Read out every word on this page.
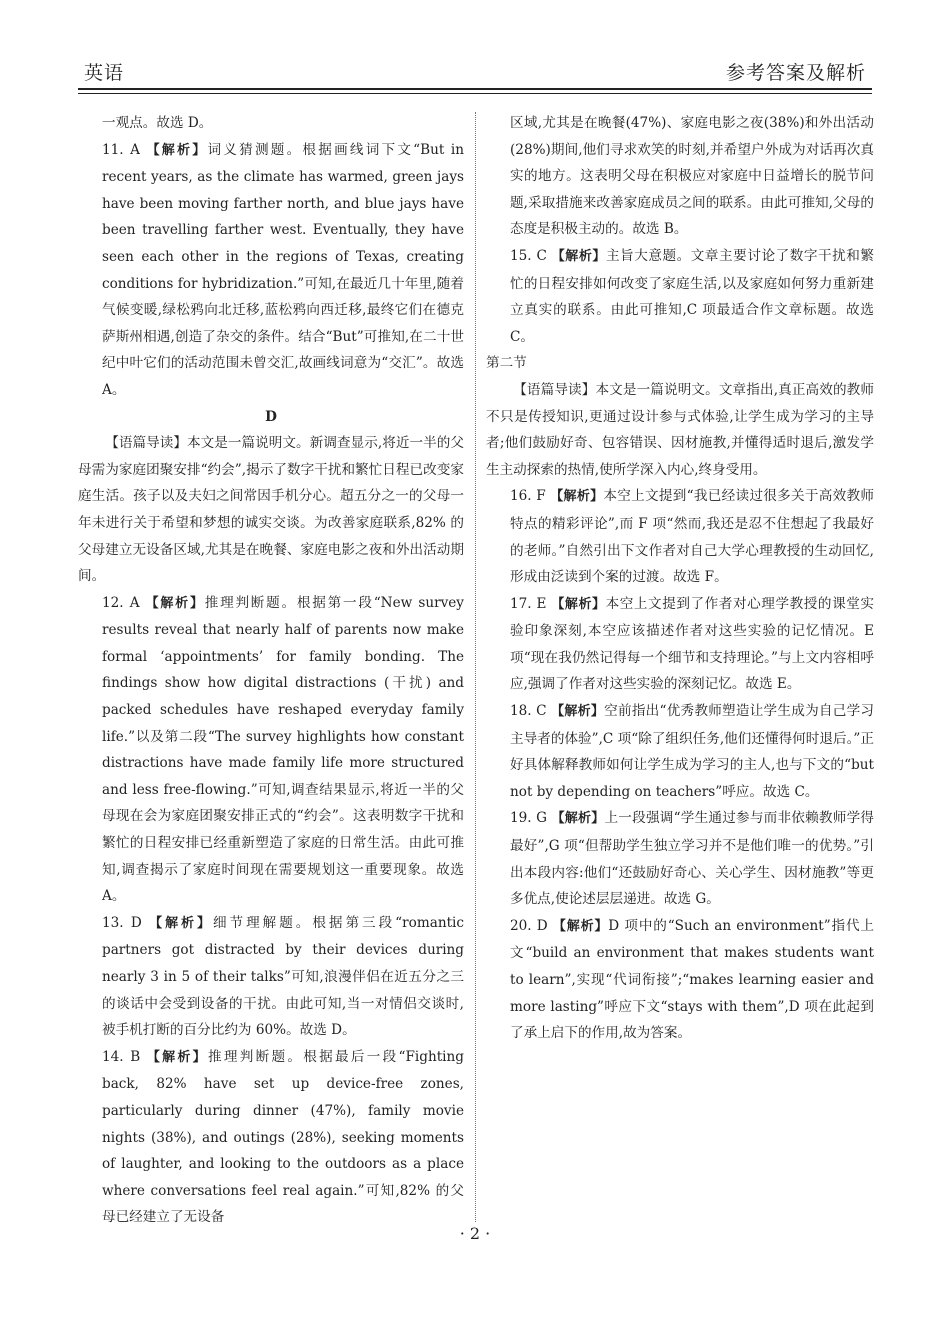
英语	参考答案及解析
一观点。故选 D。
11. A 【解析】词义猜测题。根据画线词下文“But in recent years, as the climate has warmed, green jays have been moving farther north, and blue jays have been travelling farther west. Eventually, they have seen each other in the regions of Texas, creating conditions for hybridization.”可知,在最近几十年里,随着气候变暖,绿松鸦向北迁移,蓝松鸦向西迁移,最终它们在德克萨斯州相遇,创造了杂交的条件。结合“But”可推知,在二十世纪中叶它们的活动范围未曾交汇,故画线词意为“交汇”。故选 A。
D
【语篇导读】本文是一篇说明文。新调查显示,将近一半的父母需为家庭团聚安排“约会”,揭示了数字干扰和繁忙日程已改变家庭生活。孩子以及夫妇之间常因手机分心。超五分之一的父母一年未进行关于希望和梦想的诚实交谈。为改善家庭联系,82% 的父母建立无设备区域,尤其是在晚餐、家庭电影之夜和外出活动期间。
12. A 【解析】推理判断题。根据第一段“New survey results reveal that nearly half of parents now make formal ‘appointments’ for family bonding. The findings show how digital distractions (干扰) and packed schedules have reshaped everyday family life.”以及第二段“The survey highlights how constant distractions have made family life more structured and less free-flowing.”可知,调查结果显示,将近一半的父母现在会为家庭团聚安排正式的“约会”。这表明数字干扰和繁忙的日程安排已经重新塑造了家庭的日常生活。由此可推知,调查揭示了家庭时间现在需要规划这一重要现象。故选 A。
13. D 【解析】细节理解题。根据第三段“romantic partners got distracted by their devices during nearly 3 in 5 of their talks”可知,浪漫伴侣在近五分之三的谈话中会受到设备的干扰。由此可知,当一对情侣交谈时,被手机打断的百分比约为 60%。故选 D。
14. B 【解析】推理判断题。根据最后一段“Fighting back, 82% have set up device-free zones, particularly during dinner (47%), family movie nights (38%), and outings (28%), seeking moments of laughter, and looking to the outdoors as a place where conversations feel real again.”可知,82% 的父母已经建立了无设备
区域,尤其是在晚餐(47%)、家庭电影之夜(38%)和外出活动(28%)期间,他们寻求欢笑的时刻,并希望户外成为对话再次真实的地方。这表明父母在积极应对家庭中日益增长的脱节问题,采取措施来改善家庭成员之间的联系。由此可推知,父母的态度是积极主动的。故选 B。
15. C 【解析】主旨大意题。文章主要讨论了数字干扰和繁忙的日程安排如何改变了家庭生活,以及家庭如何努力重新建立真实的联系。由此可推知,C 项最适合作文章标题。故选 C。
第二节
【语篇导读】本文是一篇说明文。文章指出,真正高效的教师不只是传授知识,更通过设计参与式体验,让学生成为学习的主导者;他们鼓励好奇、包容错误、因材施教,并懂得适时退后,激发学生主动探索的热情,使所学深入内心,终身受用。
16. F 【解析】本空上文提到“我已经读过很多关于高效教师特点的精彩评论”,而 F 项“然而,我还是忍不住想起了我最好的老师。”自然引出下文作者对自己大学心理教授的生动回忆,形成由泛读到个案的过渡。故选 F。
17. E 【解析】本空上文提到了作者对心理学教授的课堂实验印象深刻,本空应该描述作者对这些实验的记忆情况。E 项“现在我仍然记得每一个细节和支持理论。”与上文内容相呼应,强调了作者对这些实验的深刻记忆。故选 E。
18. C 【解析】空前指出“优秀教师塑造让学生成为自己学习主导者的体验”,C 项“除了组织任务,他们还懂得何时退后。”正好具体解释教师如何让学生成为学习的主人,也与下文的“but not by depending on teachers”呼应。故选 C。
19. G 【解析】上一段强调“学生通过参与而非依赖教师学得最好”,G 项“但帮助学生独立学习并不是他们唯一的优势。”引出本段内容:他们“还鼓励好奇心、关心学生、因材施教”等更多优点,使论述层层递进。故选 G。
20. D 【解析】D 项中的“Such an environment”指代上文“build an environment that makes students want to learn”,实现“代词衔接”;“makes learning easier and more lasting”呼应下文“stays with them”,D 项在此起到了承上启下的作用,故为答案。
· 2 ·
